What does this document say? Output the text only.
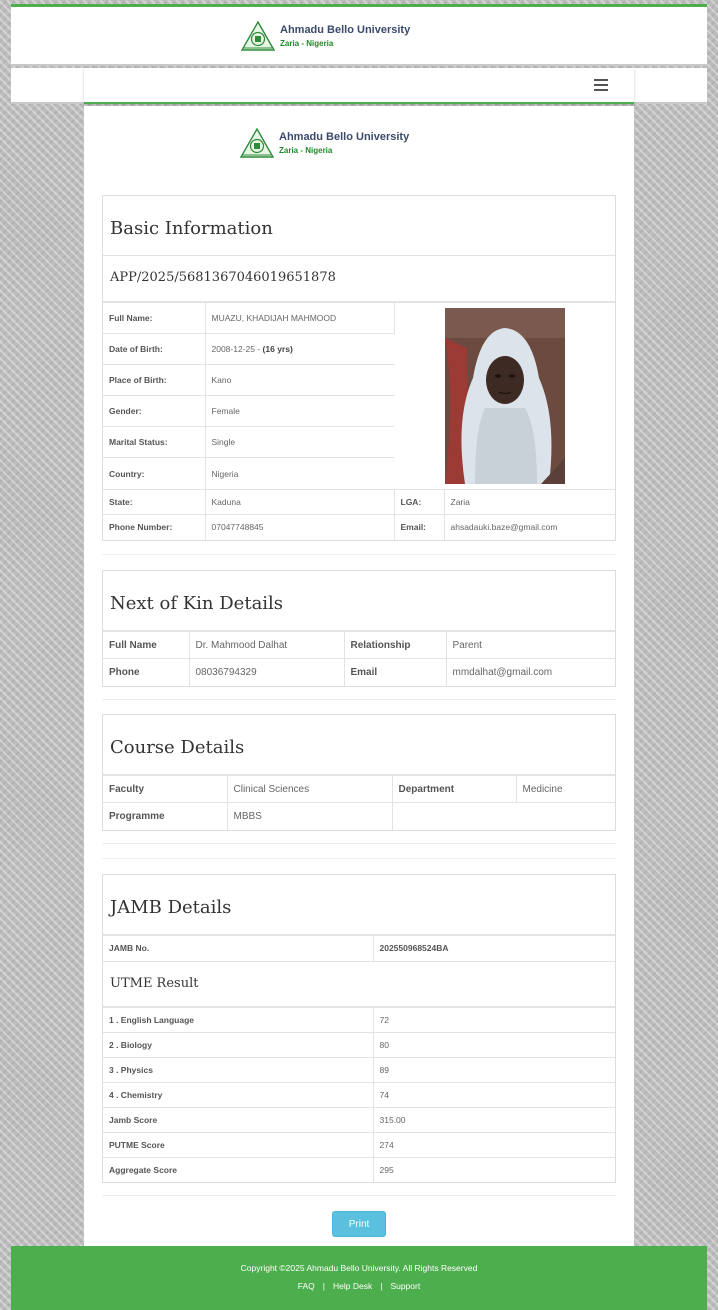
Ahmadu Bello University
Zaria - Nigeria
Ahmadu Bello University
Zaria - Nigeria
Basic Information
APP/2025/5681367046019651878
Full Name:	MUAZU, KHADIJAH MAHMOOD	

Date of Birth:	2008-12-25 - (16 yrs)		
Place of Birth:	Kano		
Gender:	Female		
Marital Status:	Single		
Country:	Nigeria		
State:	Kaduna	LGA:	Zaria
Phone Number:	07047748845	Email:	ahsadauki.baze@gmail.com
Next of Kin Details
Full Name	Dr. Mahmood Dalhat	Relationship	Parent
Phone	08036794329	Email	mmdalhat@gmail.com
Course Details
Faculty	Clinical Sciences	Department	Medicine
Programme	MBBS		
JAMB Details
JAMB No.	202550968524BA
UTME Result
1 . English Language	72
2 . Biology	80
3 . Physics	89
4 . Chemistry	74
Jamb Score	315.00
PUTME Score	274
Aggregate Score	295
Print
Copyright ©2025 Ahmadu Bello University. All Rights Reserved
FAQ | Help Desk | Support
